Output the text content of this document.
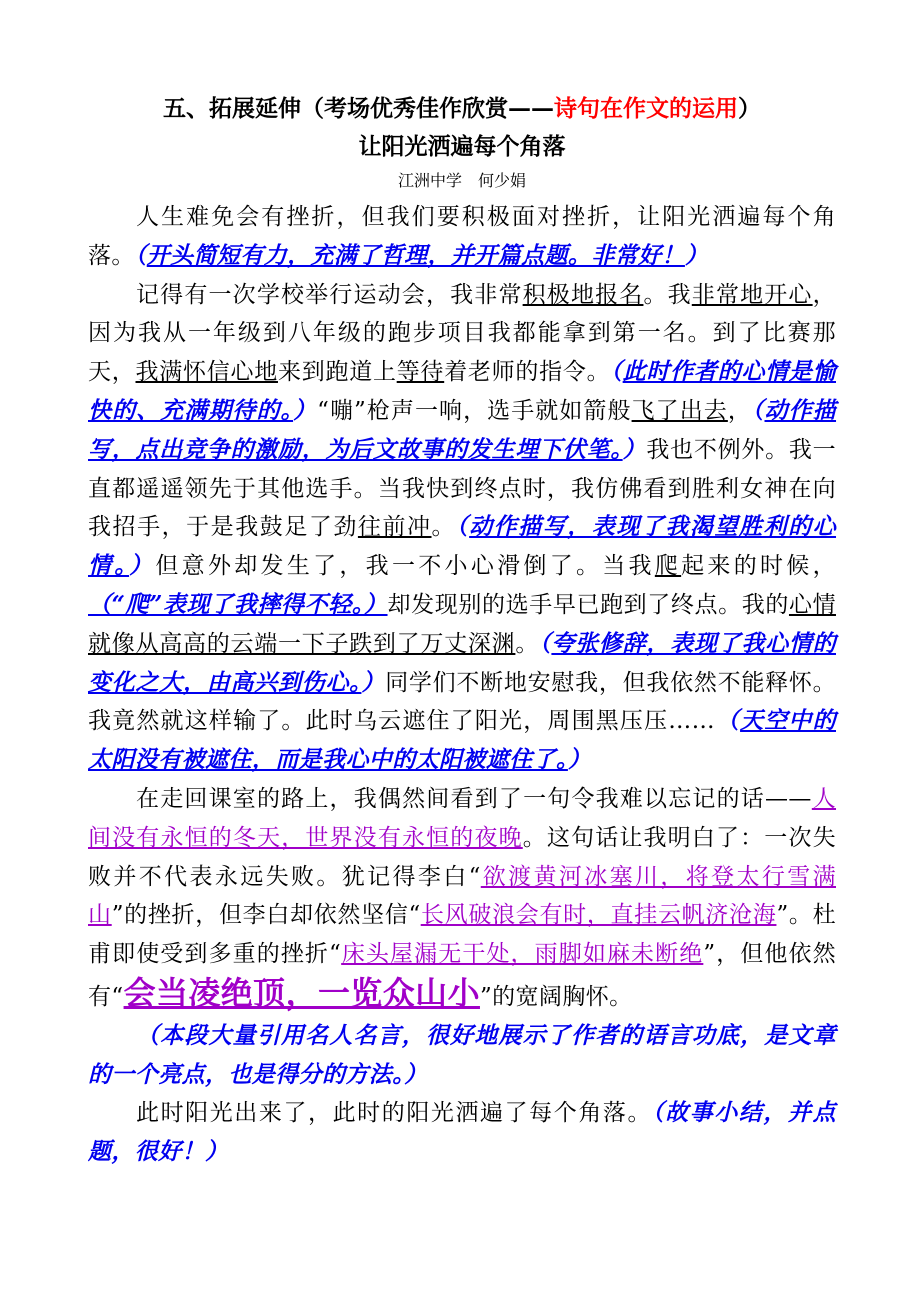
五、拓展延伸（考场优秀佳作欣赏——诗句在作文的运用）
让阳光洒遍每个角落
江洲中学 何少娟

人生难免会有挫折，但我们要积极面对挫折，让阳光洒遍每个角落。（开头简短有力，充满了哲理，并开篇点题。非常好！）

记得有一次学校举行运动会，我非常积极地报名。我非常地开心，因为我从一年级到八年级的跑步项目我都能拿到第一名。到了比赛那天，我满怀信心地来到跑道上等待着老师的指令。（此时作者的心情是愉快的、充满期待的。）“嘣”枪声一响，选手就如箭般飞了出去，（动作描写，点出竞争的激励，为后文故事的发生埋下伏笔。）我也不例外。我一直都遥遥领先于其他选手。当我快到终点时，我仿佛看到胜利女神在向我招手，于是我鼓足了劲往前冲。（动作描写，表现了我渴望胜利的心情。）但意外却发生了，我一不小心滑倒了。当我爬起来的时候，（“爬”表现了我摔得不轻。）却发现别的选手早已跑到了终点。我的心情就像从高高的云端一下子跌到了万丈深渊。（夸张修辞，表现了我心情的变化之大，由高兴到伤心。）同学们不断地安慰我，但我依然不能释怀。我竟然就这样输了。此时乌云遮住了阳光，周围黑压压……（天空中的太阳没有被遮住，而是我心中的太阳被遮住了。）

在走回课室的路上，我偶然间看到了一句令我难以忘记的话——人间没有永恒的冬天，世界没有永恒的夜晚。这句话让我明白了：一次失败并不代表永远失败。犹记得李白“欲渡黄河冰塞川，将登太行雪满山”的挫折，但李白却依然坚信“长风破浪会有时，直挂云帆济沧海”。杜甫即使受到多重的挫折“床头屋漏无干处，雨脚如麻未断绝”，但他依然有“会当凌绝顶，一览众山小”的宽阔胸怀。

（本段大量引用名人名言，很好地展示了作者的语言功底，是文章的一个亮点，也是得分的方法。）

此时阳光出来了，此时的阳光洒遍了每个角落。（故事小结，并点题，很好！）
